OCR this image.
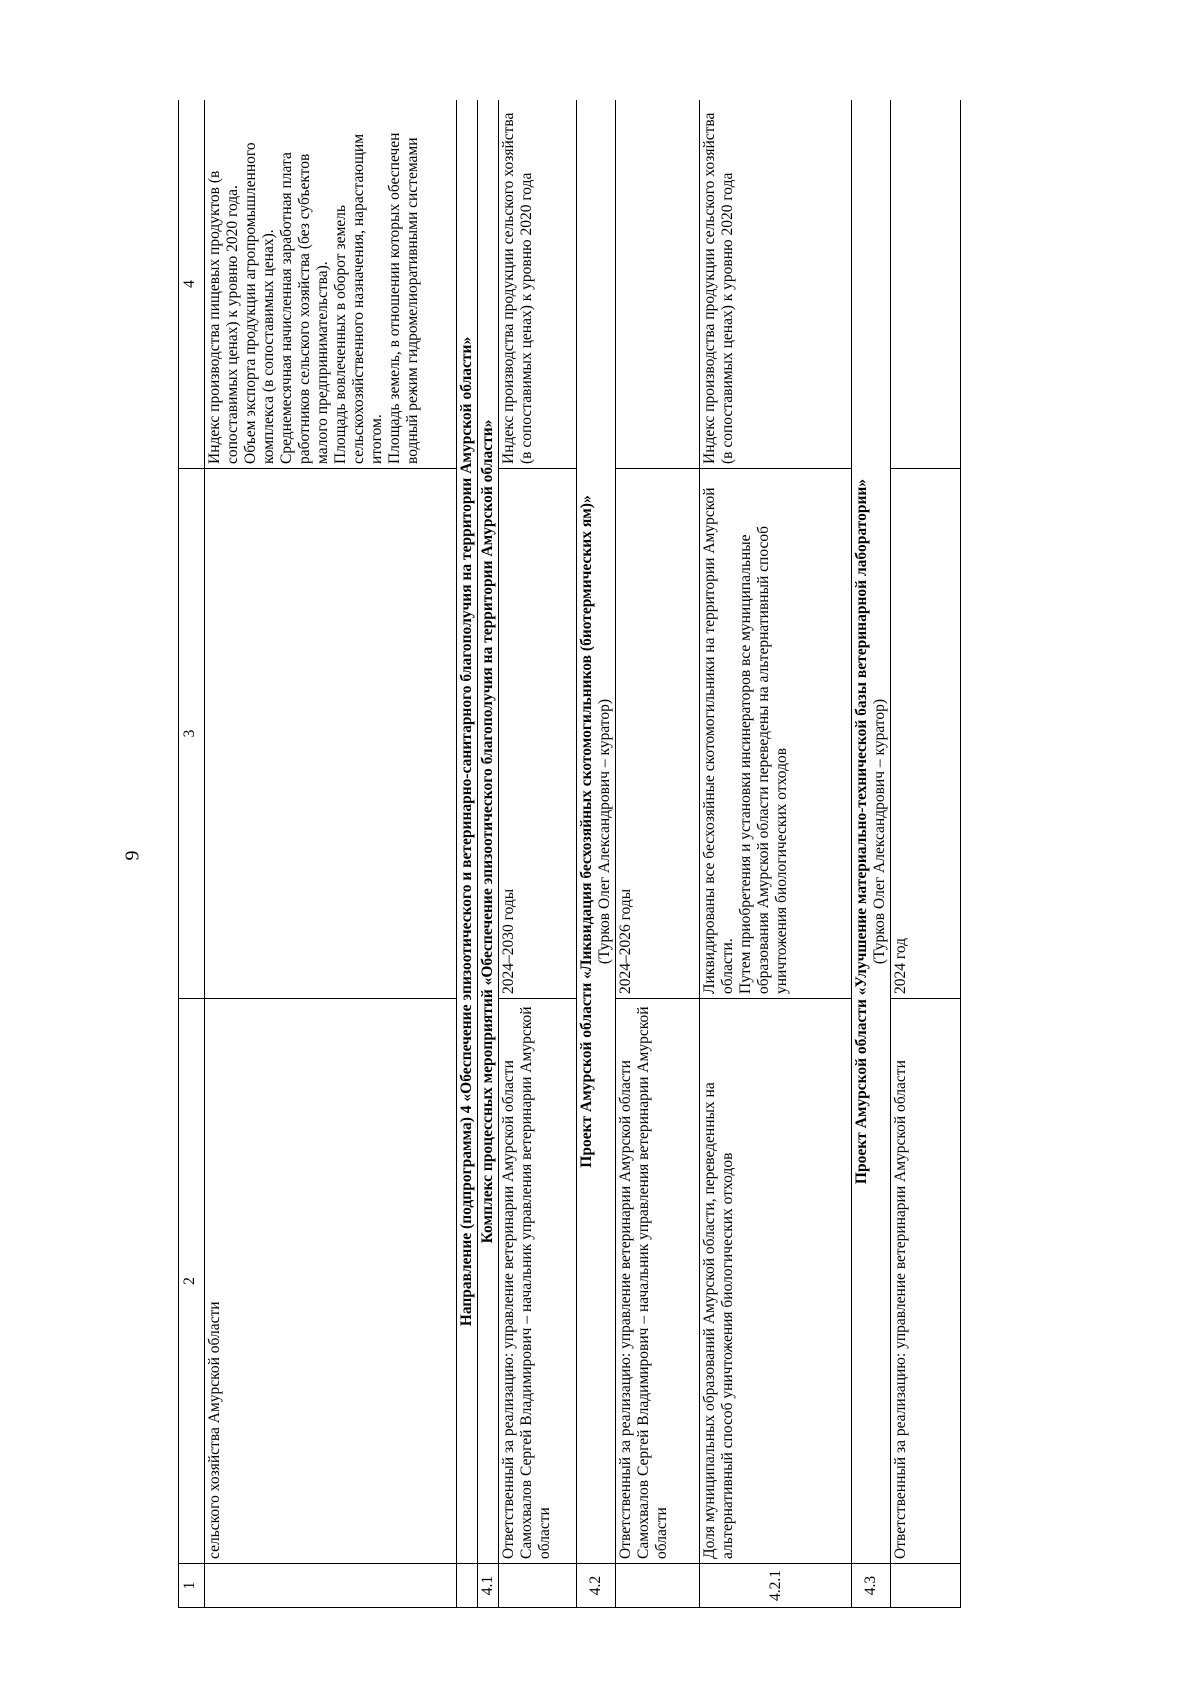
9
1	2	3	4
	сельского хозяйства Амурской области		Индекс производства пищевых продуктов (в сопоставимых ценах) к уровню 2020 года. Объем экспорта продукции агропромышленного комплекса (в сопоставимых ценах). Среднемесячная начисленная заработная плата работников сельского хозяйства (без субъектов малого предпринимательства). Площадь вовлеченных в оборот земель сельскохозяйственного назначения, нарастающим итогом. Площадь земель, в отношении которых обеспечен водный режим гидромелиоративными системами

	Направление (подпрограмма) 4 «Обеспечение эпизоотического и ветеринарно-санитарного благополучия на территории Амурской области»		
4.1	Комплекс процессных мероприятий «Обеспечение эпизоотического благополучия на территории Амурской области»		

	Ответственный за реализацию: управление ветеринарии Амурской области Самохвалов Сергей Владимирович – начальник управления ветеринарии Амурской области	2024–2030 годы	Индекс производства продукции сельского хозяйства (в сопоставимых ценах) к уровню 2020 года
4.2	Проект Амурской области «Ликвидация бесхозяйных скотомогильников (биотермических ям)» (Турков Олег Александрович – куратор)		

	Ответственный за реализацию: управление ветеринарии Амурской области Самохвалов Сергей Владимирович – начальник управления ветеринарии Амурской области	2024–2026 годы	
4.2.1	Доля муниципальных образований Амурской области, переведенных на альтернативный способ уничтожения биологических отходов	Ликвидированы все бесхозяйные скотомогильники на территории Амурской области. Путем приобретения и установки инсинераторов все муниципальные образования Амурской области переведены на альтернативный способ уничтожения биологических отходов	Индекс производства продукции сельского хозяйства (в сопоставимых ценах) к уровню 2020 года
4.3	Проект Амурской области «Улучшение материально-технической базы ветеринарной лаборатории» (Турков Олег Александрович – куратор)		

	Ответственный за реализацию: управление ветеринарии Амурской области	2024 год	
